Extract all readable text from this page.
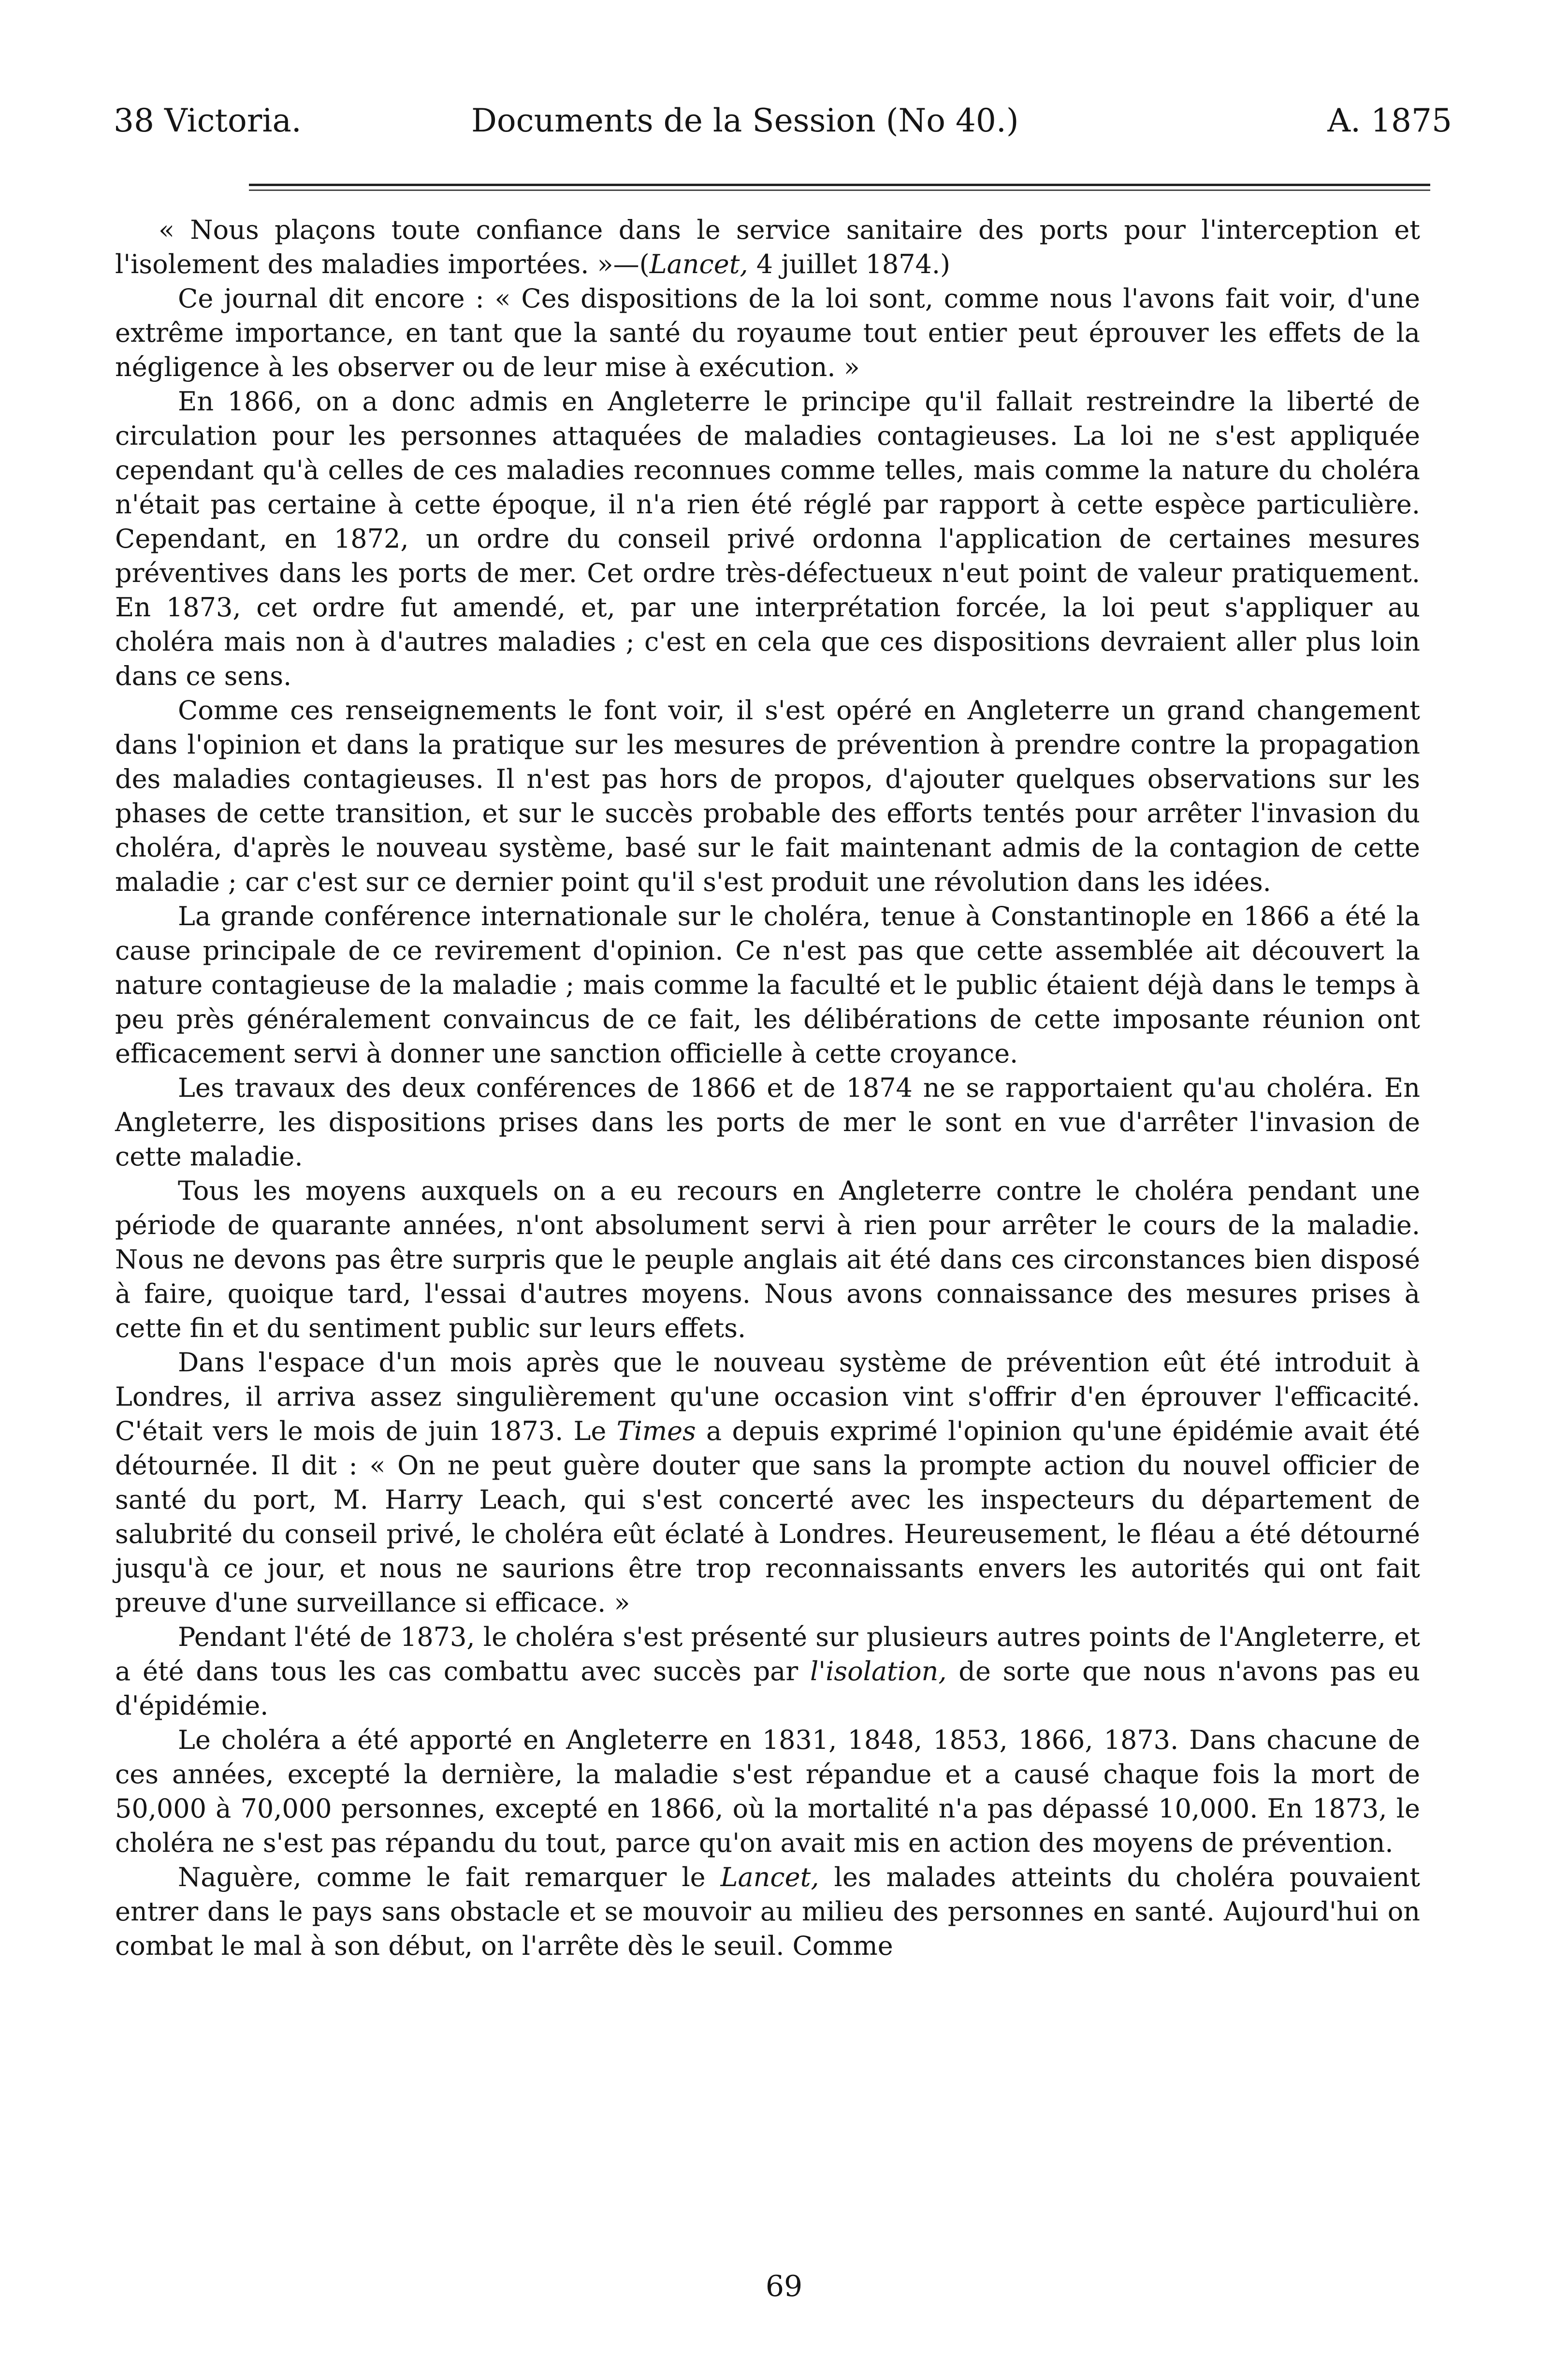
38 Victoria.	Documents de la Session (No 40.)	A. 1875

« Nous plaçons toute confiance dans le service sanitaire des ports pour l'interception et l'isolement des maladies importées. »—(Lancet, 4 juillet 1874.)

Ce journal dit encore : « Ces dispositions de la loi sont, comme nous l'avons fait voir, d'une extrême importance, en tant que la santé du royaume tout entier peut éprouver les effets de la négligence à les observer ou de leur mise à exécution. »

En 1866, on a donc admis en Angleterre le principe qu'il fallait restreindre la liberté de circulation pour les personnes attaquées de maladies contagieuses. La loi ne s'est appliquée cependant qu'à celles de ces maladies reconnues comme telles, mais comme la nature du choléra n'était pas certaine à cette époque, il n'a rien été réglé par rapport à cette espèce particulière. Cependant, en 1872, un ordre du conseil privé ordonna l'application de certaines mesures préventives dans les ports de mer. Cet ordre très-défectueux n'eut point de valeur pratiquement. En 1873, cet ordre fut amendé, et, par une interprétation forcée, la loi peut s'appliquer au choléra mais non à d'autres maladies ; c'est en cela que ces dispositions devraient aller plus loin dans ce sens.

Comme ces renseignements le font voir, il s'est opéré en Angleterre un grand changement dans l'opinion et dans la pratique sur les mesures de prévention à prendre contre la propagation des maladies contagieuses. Il n'est pas hors de propos, d'ajouter quelques observations sur les phases de cette transition, et sur le succès probable des efforts tentés pour arrêter l'invasion du choléra, d'après le nouveau système, basé sur le fait maintenant admis de la contagion de cette maladie ; car c'est sur ce dernier point qu'il s'est produit une révolution dans les idées.

La grande conférence internationale sur le choléra, tenue à Constantinople en 1866 a été la cause principale de ce revirement d'opinion. Ce n'est pas que cette assemblée ait découvert la nature contagieuse de la maladie ; mais comme la faculté et le public étaient déjà dans le temps à peu près généralement convaincus de ce fait, les délibérations de cette imposante réunion ont efficacement servi à donner une sanction officielle à cette croyance.

Les travaux des deux conférences de 1866 et de 1874 ne se rapportaient qu'au choléra. En Angleterre, les dispositions prises dans les ports de mer le sont en vue d'arrêter l'invasion de cette maladie.

Tous les moyens auxquels on a eu recours en Angleterre contre le choléra pendant une période de quarante années, n'ont absolument servi à rien pour arrêter le cours de la maladie. Nous ne devons pas être surpris que le peuple anglais ait été dans ces circonstances bien disposé à faire, quoique tard, l'essai d'autres moyens. Nous avons connaissance des mesures prises à cette fin et du sentiment public sur leurs effets.

Dans l'espace d'un mois après que le nouveau système de prévention eût été introduit à Londres, il arriva assez singulièrement qu'une occasion vint s'offrir d'en éprouver l'efficacité. C'était vers le mois de juin 1873. Le Times a depuis exprimé l'opinion qu'une épidémie avait été détournée. Il dit : « On ne peut guère douter que sans la prompte action du nouvel officier de santé du port, M. Harry Leach, qui s'est concerté avec les inspecteurs du département de salubrité du conseil privé, le choléra eût éclaté à Londres. Heureusement, le fléau a été détourné jusqu'à ce jour, et nous ne saurions être trop reconnaissants envers les autorités qui ont fait preuve d'une surveillance si efficace. »

Pendant l'été de 1873, le choléra s'est présenté sur plusieurs autres points de l'Angleterre, et a été dans tous les cas combattu avec succès par l'isolation, de sorte que nous n'avons pas eu d'épidémie.

Le choléra a été apporté en Angleterre en 1831, 1848, 1853, 1866, 1873. Dans chacune de ces années, excepté la dernière, la maladie s'est répandue et a causé chaque fois la mort de 50,000 à 70,000 personnes, excepté en 1866, où la mortalité n'a pas dépassé 10,000. En 1873, le choléra ne s'est pas répandu du tout, parce qu'on avait mis en action des moyens de prévention.

Naguère, comme le fait remarquer le Lancet, les malades atteints du choléra pouvaient entrer dans le pays sans obstacle et se mouvoir au milieu des personnes en santé. Aujourd'hui on combat le mal à son début, on l'arrête dès le seuil. Comme

69
